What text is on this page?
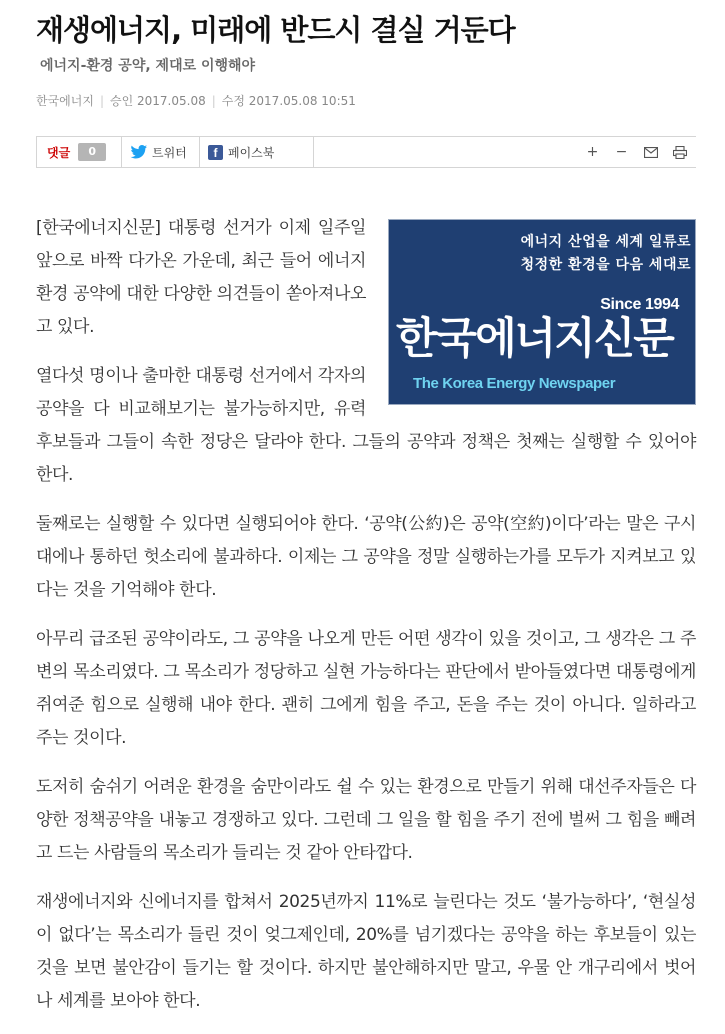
재생에너지, 미래에 반드시 결실 거둔다
에너지-환경 공약, 제대로 이행해야
한국에너지 | 승인 2017.05.08 | 수정 2017.05.08 10:51
댓글	0	트위터	f 페이스북	+	−
에너지 산업을 세계 일류로
청정한 환경을 다음 세대로
Since 1994
한국에너지신문
The Korea Energy Newspaper

[한국에너지신문] 대통령 선거가 이제 일주일 앞으로 바짝 다가온 가운데, 최근 들어 에너지 환경 공약에 대한 다양한 의견들이 쏟아져나오고 있다.

열다섯 명이나 출마한 대통령 선거에서 각자의 공약을 다 비교해보기는 불가능하지만, 유력 후보들과 그들이 속한 정당은 달라야 한다. 그들의 공약과 정책은 첫째는 실행할 수 있어야 한다.

둘째로는 실행할 수 있다면 실행되어야 한다. ‘공약(公約)은 공약(空約)이다’라는 말은 구시대에나 통하던 헛소리에 불과하다. 이제는 그 공약을 정말 실행하는가를 모두가 지켜보고 있다는 것을 기억해야 한다.

아무리 급조된 공약이라도, 그 공약을 나오게 만든 어떤 생각이 있을 것이고, 그 생각은 그 주변의 목소리였다. 그 목소리가 정당하고 실현 가능하다는 판단에서 받아들였다면 대통령에게 쥐여준 힘으로 실행해 내야 한다. 괜히 그에게 힘을 주고, 돈을 주는 것이 아니다. 일하라고 주는 것이다.

도저히 숨쉬기 어려운 환경을 숨만이라도 쉴 수 있는 환경으로 만들기 위해 대선주자들은 다양한 정책공약을 내놓고 경쟁하고 있다. 그런데 그 일을 할 힘을 주기 전에 벌써 그 힘을 빼려고 드는 사람들의 목소리가 들리는 것 같아 안타깝다.

재생에너지와 신에너지를 합쳐서 2025년까지 11%로 늘린다는 것도 ‘불가능하다’, ‘현실성이 없다’는 목소리가 들린 것이 엊그제인데, 20%를 넘기겠다는 공약을 하는 후보들이 있는 것을 보면 불안감이 들기는 할 것이다. 하지만 불안해하지만 말고, 우물 안 개구리에서 벗어나 세계를 보아야 한다.
